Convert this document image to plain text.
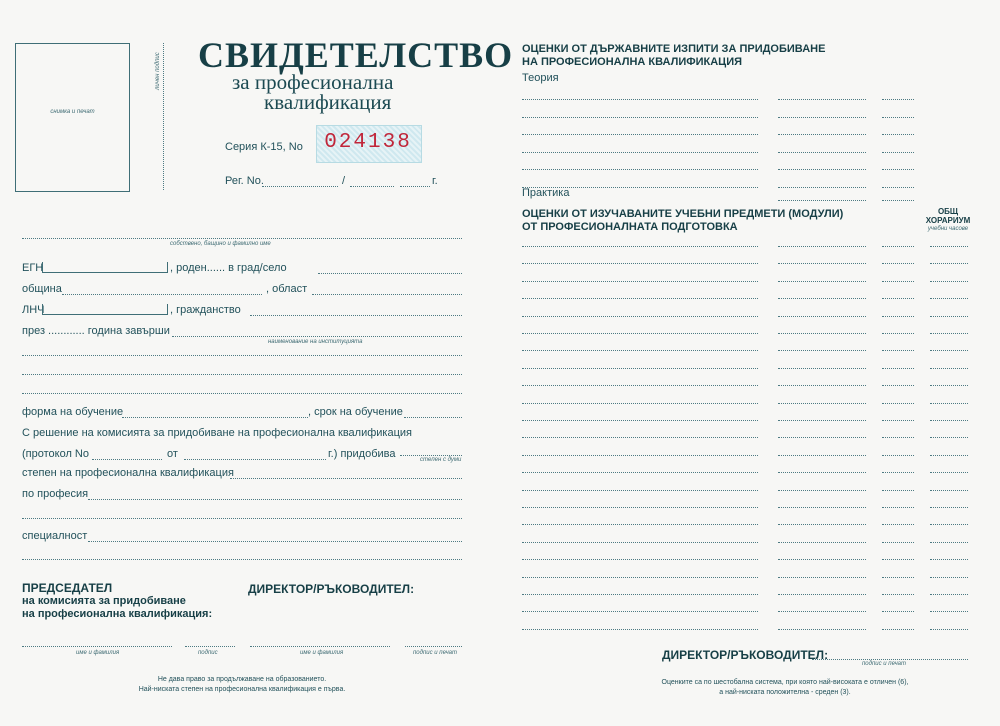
снимка и печат
личен подпис СВИДЕТЕЛСТВО
за професионална
квалификация
Серия К-15, No	024138
Рег. No.	/	г.
собствено, бащино и фамилно име
ЕГН	, роден...... в град/село
община	, област
ЛНЧ	, гражданство
през ............ година завърши
наименование на институцията
форма на обучение	, срок на обучение
С решение на комисията за придобиване на професионална квалификация
(протокол No	от	г.) придобива	степен с думи
степен на професионална квалификация
по професия
специалност
ПРЕДСЕДАТЕЛ
на комисията за придобиване
на професионална квалификация:
ДИРЕКТОР/РЪКОВОДИТЕЛ:
име и фамилия	подпис	име и фамилия	подпис и печат
Не дава право за продължаване на образованието.
Най-ниската степен на професионална квалификация е първа.
ОЦЕНКИ ОТ ДЪРЖАВНИТЕ ИЗПИТИ ЗА ПРИДОБИВАНЕ
НА ПРОФЕСИОНАЛНА КВАЛИФИКАЦИЯ
Теория
Практика
ОЦЕНКИ ОТ ИЗУЧАВАНИТЕ УЧЕБНИ ПРЕДМЕТИ (МОДУЛИ)
ОТ ПРОФЕСИОНАЛНАТА ПОДГОТОВКА
ОБЩ
ХОРАРИУМ
учебни часове
ДИРЕКТОР/РЪКОВОДИТЕЛ:
подпис и печат
Оценките са по шестобална система, при която най-високата е отличен (6),
а най-ниската положителна - среден (3).
